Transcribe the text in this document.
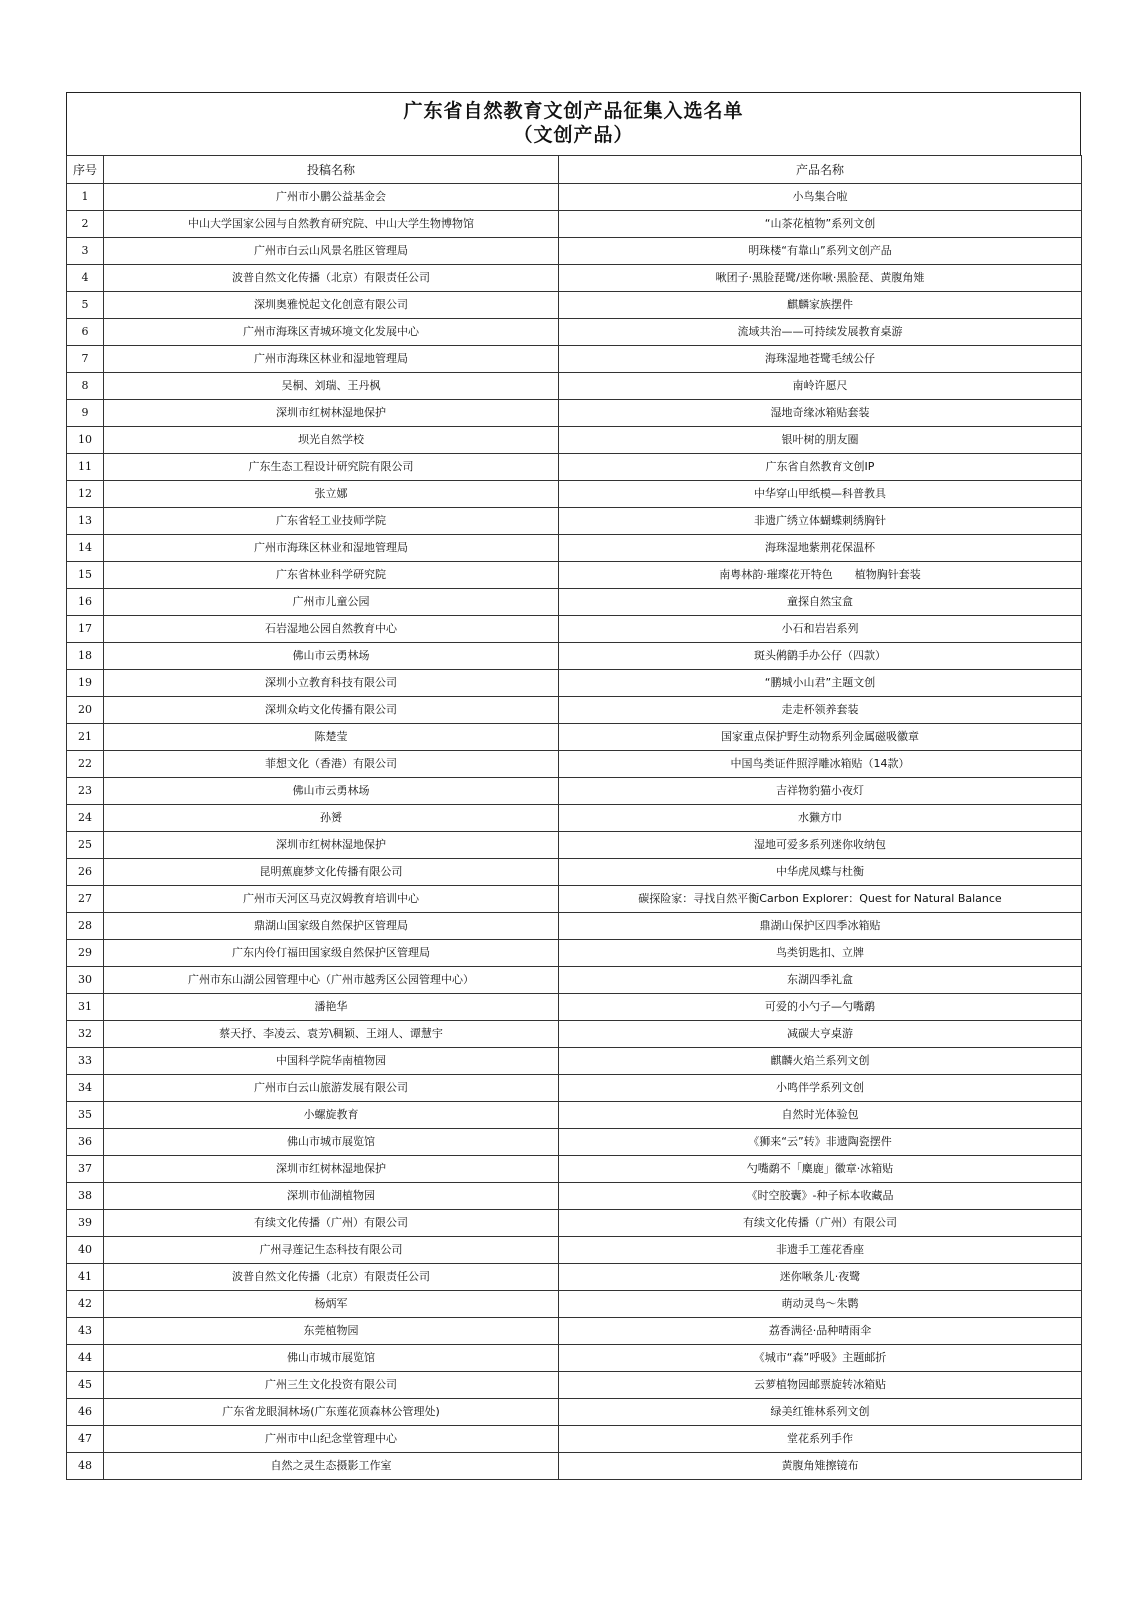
广东省自然教育文创产品征集入选名单
（文创产品）
序号	投稿名称	产品名称
1	广州市小鹏公益基金会	小鸟集合啦
2	中山大学国家公园与自然教育研究院、中山大学生物博物馆	“山茶花植物”系列文创
3	广州市白云山风景名胜区管理局	明珠楼“有靠山”系列文创产品
4	波普自然文化传播（北京）有限责任公司	啾团子·黑脸琵鹭/迷你啾·黑脸琵、黄腹角雉
5	深圳奥雅悦起文化创意有限公司	麒麟家族摆件
6	广州市海珠区青城环境文化发展中心	流域共治——可持续发展教育桌游
7	广州市海珠区林业和湿地管理局	海珠湿地苍鹭毛绒公仔
8	吴桐、刘瑞、王丹枫	南岭许愿尺
9	深圳市红树林湿地保护	湿地奇缘冰箱贴套装
10	坝光自然学校	银叶树的朋友圈
11	广东生态工程设计研究院有限公司	广东省自然教育文创IP
12	张立娜	中华穿山甲纸模—科普教具
13	广东省轻工业技师学院	非遗广绣立体蝴蝶刺绣胸针
14	广州市海珠区林业和湿地管理局	海珠湿地紫荆花保温杯
15	广东省林业科学研究院	南粤林韵·璀璨花开特色　　植物胸针套装
16	广州市儿童公园	童探自然宝盒
17	石岩湿地公园自然教育中心	小石和岩岩系列
18	佛山市云勇林场	斑头鸺鹠手办公仔（四款）
19	深圳小立教育科技有限公司	“鹏城小山君”主题文创
20	深圳众屿文化传播有限公司	走走杯领养套装
21	陈楚莹	国家重点保护野生动物系列金属磁吸徽章
22	菲想文化（香港）有限公司	中国鸟类证件照浮雕冰箱贴（14款）
23	佛山市云勇林场	吉祥物豹猫小夜灯
24	孙赟	水獭方巾
25	深圳市红树林湿地保护	湿地可爱多系列迷你收纳包
26	昆明蕉鹿梦文化传播有限公司	中华虎凤蝶与杜衡
27	广州市天河区马克汉姆教育培训中心	碳探险家：寻找自然平衡Carbon Explorer：Quest for Natural Balance
28	鼎湖山国家级自然保护区管理局	鼎湖山保护区四季冰箱贴
29	广东内伶仃福田国家级自然保护区管理局	鸟类钥匙扣、立牌
30	广州市东山湖公园管理中心（广州市越秀区公园管理中心）	东湖四季礼盒
31	潘艳华	可爱的小勺子—勺嘴鹬
32	蔡天抒、李凌云、袁芳\稠颖、王翊人、谭慧宇	减碳大亨桌游
33	中国科学院华南植物园	麒麟火焰兰系列文创
34	广州市白云山旅游发展有限公司	小鸣伴学系列文创
35	小螺旋教育	自然时光体验包
36	佛山市城市展览馆	《狮来“云”转》非遗陶瓷摆件
37	深圳市红树林湿地保护	勺嘴鹬不「麋鹿」徽章·冰箱贴
38	深圳市仙湖植物园	《时空胶囊》-种子标本收藏品
39	有续文化传播（广州）有限公司	有续文化传播（广州）有限公司
40	广州寻莲记生态科技有限公司	非遗手工莲花香座
41	波普自然文化传播（北京）有限责任公司	迷你啾条儿·夜鹭
42	杨炳军	萌动灵鸟～朱鹮
43	东莞植物园	荔香满径·品种晴雨伞
44	佛山市城市展览馆	《城市“森”呼吸》主题邮折
45	广州三生文化投资有限公司	云萝植物园邮票旋转冰箱贴
46	广东省龙眼洞林场(广东莲花顶森林公管理处)	绿美红锥林系列文创
47	广州市中山纪念堂管理中心	堂花系列手作
48	自然之灵生态摄影工作室	黄腹角雉擦镜布
